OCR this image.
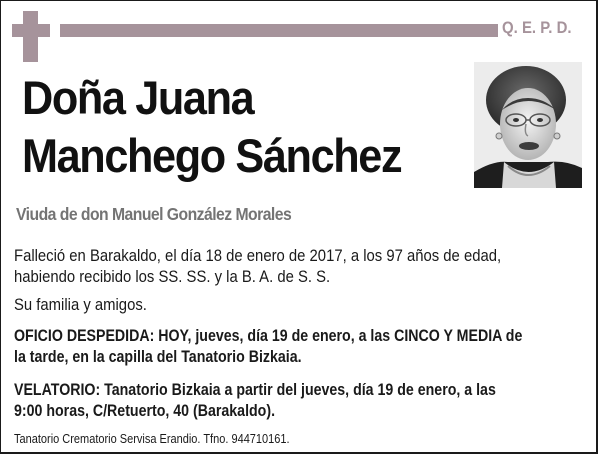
Q. E. P. D.
Doña Juana
Manchego Sánchez
Viuda de don Manuel González Morales
Falleció en Barakaldo, el día 18 de enero de 2017, a los 97 años de edad,
habiendo recibido los SS. SS. y la B. A. de S. S.
Su familia y amigos.
OFICIO DESPEDIDA: HOY, jueves, día 19 de enero, a las CINCO Y MEDIA de
la tarde, en la capilla del Tanatorio Bizkaia.
VELATORIO: Tanatorio Bizkaia a partir del jueves, día 19 de enero, a las
9:00 horas, C/Retuerto, 40 (Barakaldo).
Tanatorio Crematorio Servisa Erandio. Tfno. 944710161.
